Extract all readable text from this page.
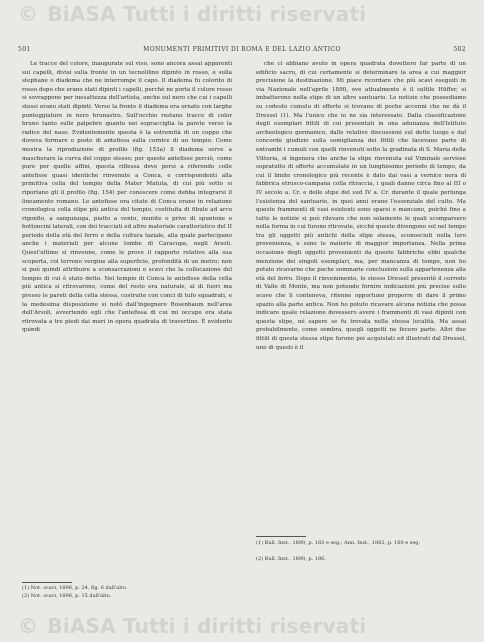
© BiASA Tutti i diritti riservati
501	MONUMENTI PRIMITIVI DI ROMA E DEL LAZIO ANTICO	502

Le tracce del colore, inaugurate sul viso, sono ancora assai apparenti sui capelli, divisi sulla fronte in un tecnolilino dipinto in rosso, e sulla stephane o diadema che ne interrompe il capo. Il diadema fu colorito di rosso dopo che erano stati dipinti i capelli, perchè ne porta il colore rosso si sovrappone per inesattezza dell'artista, anche sul nero che cui i capelli stessi erano stati dipinti. Verso la fronte il diadema era ornato con larghe punteggiature in nero brunastro. Sull'occhio restano tracce di color bruno tanto sulle palpebre quanto nei sopracciglia la parete verso la radice del naso. Evidentemente questa è la estremità di un coppo che doveva formare o posto di antefissa sulla cornice di un tempio. Come mostra la riproduzione di profilo (fig. 153a) il diadema serve a mascherare la curva del coppo stesso; per queste antefisse perciò, come pure per quelle affini, questa riflessa deve porsi a riferendo colle antefisse quasi identiche rinvenute a Conca, e corrispondenti alla primitiva cella del tempio della Mater Matuta, di cui più sotto si riportano gli il profilo (fig. 154) per conoscere come debba integrarsi il lineamento romano. Le antefisse ora citate di Conca erano in relazione cronologica colla stipe più antica del tempio, costituita di fibule ad arco rigonfio, a sanguisuga, piatto a vento, munite o prive di spuntone o bottoncini laterali, con dei tracciati ed altro materiale caratteristico del II periodo della età del ferro e della cultura laziale, alla quale partecipano anche i materiali per alcune tombe di Caracupa, negli Arsoli. Quest'ultimo si rinvenne, come le prove il rapporto relativo alla sua scoperta, col terreno vergine alla superficie, profondità di un metro; non si può quindi attribuire a sconsacrazioni o scavi che la collocazione del tempio di cui è stato detto. Nel tempio di Conca le antefisse della cella più antica si ritrovarono, come del resto era naturale, al di fuori ma presso le pareti della cella stessa, costruite con conci di tufo squadrati, e la medesima disposizione si notò dall'ingegnere Rosenbaum nell'area dell'Arsoli, avvertendo egli che l'antefissa di cui mi occupo era stata ritrovata a tre piedi dai muri in opera quadrata di travertino. È evidente quindi

(1) Not. scavi, 1896, p. 24, fig. 6 dall'alto.
(2) Not. scavi, 1896, p. 15 dall'alto.

che ci abbiano avuto in opera quadrata dovettero far parte di un edificio sacro, di cui certamente si determinare la area a cui maggior precisione la destinazione. Mi piace ricordare che più scavi eseguiti in via Nazionale nell'aprile 1890, ove attualmente è il sultìle Hüffer, si imbatterono nella stipe di un altro santuario. Le notizie che possediamo su codesto cumulo di offerte si trovano di poche accenni che ne dà il Dressel (1). Ma l'unico che io ne sia interessato. Dalla classificazione degli esemplari fittili di cui presentati in una adunanza dell'Istituto archeologico germanico, dalle relative discussioni sul dette luogo e dal concorde giudizio sulla somiglianza dei fittili che facevano parte di entrambi i cumuli con quelli rinvenuti sotto la gradinata di S. Maria della Vittoria, si ingenera che anche la stipe rinvenuta sul Viminale servisse sopratutto di offerte accumulate in un lunghissimo periodo di tempo, da cui il limite cronologico più recente è dato dai vasi a vernice nera di fabbrica etrusco-campana colla ritraccia, i quali danno circa fino al III o IV secolo a. Cr. e delle stipe del sud IV a. Cr. durante il quale perlunga l'esistenza del santuario, in quei anni erano l'essenziale del culto. Ma queste frammenti di vasi esistenti sono sparsi e mancano, poiché fino a tutte le notizie si può rilevare che non solamente le quali scomparsero nella forma in cui furono ritrovate, sicché queste divengono sol nel tempo tra gli oggetti più antichi della stipe stessa, sconosciuti nella loro provenienza, e sono le materie di maggior importanza. Nella prima occasione degli oggetti provenienti da queste fabbriche ebbi qualche menzione dei singoli esemplari, ma, per mancanza di tempo, non ho potuto ricavarne che poche sommarie conclusioni sulla appartenenza alla età del ferro. Dopo il rinvenimento, lo stesso Dressel presentò il corredo di Valle di Monte, ma non potendo fornire indicazioni più precise sullo scavo che li conteneva, ritenne opportuno proporre di dare il primo spazio alla parte antica. Non ho potuto ricavare alcuna notizia che possa indicare quale relazione dovessero avere i frammenti di vasi dipinti con questa stipe, né sapere se fu trovata nella stessa località. Ma assai probabilmente, come sembra, quegli oggetti ne fecero parte. Altri due fittili di questa stessa stipe furono poi acquistati ed illustrati dal Dressel, uno di questi è il

(1) Bull. Inst., 1890, p. 183 e seg.; Ann. Inst., 1882, p. 160 e seg.
(2) Bull. Inst., 1890, p. 186.
© BiASA Tutti i diritti riservati
